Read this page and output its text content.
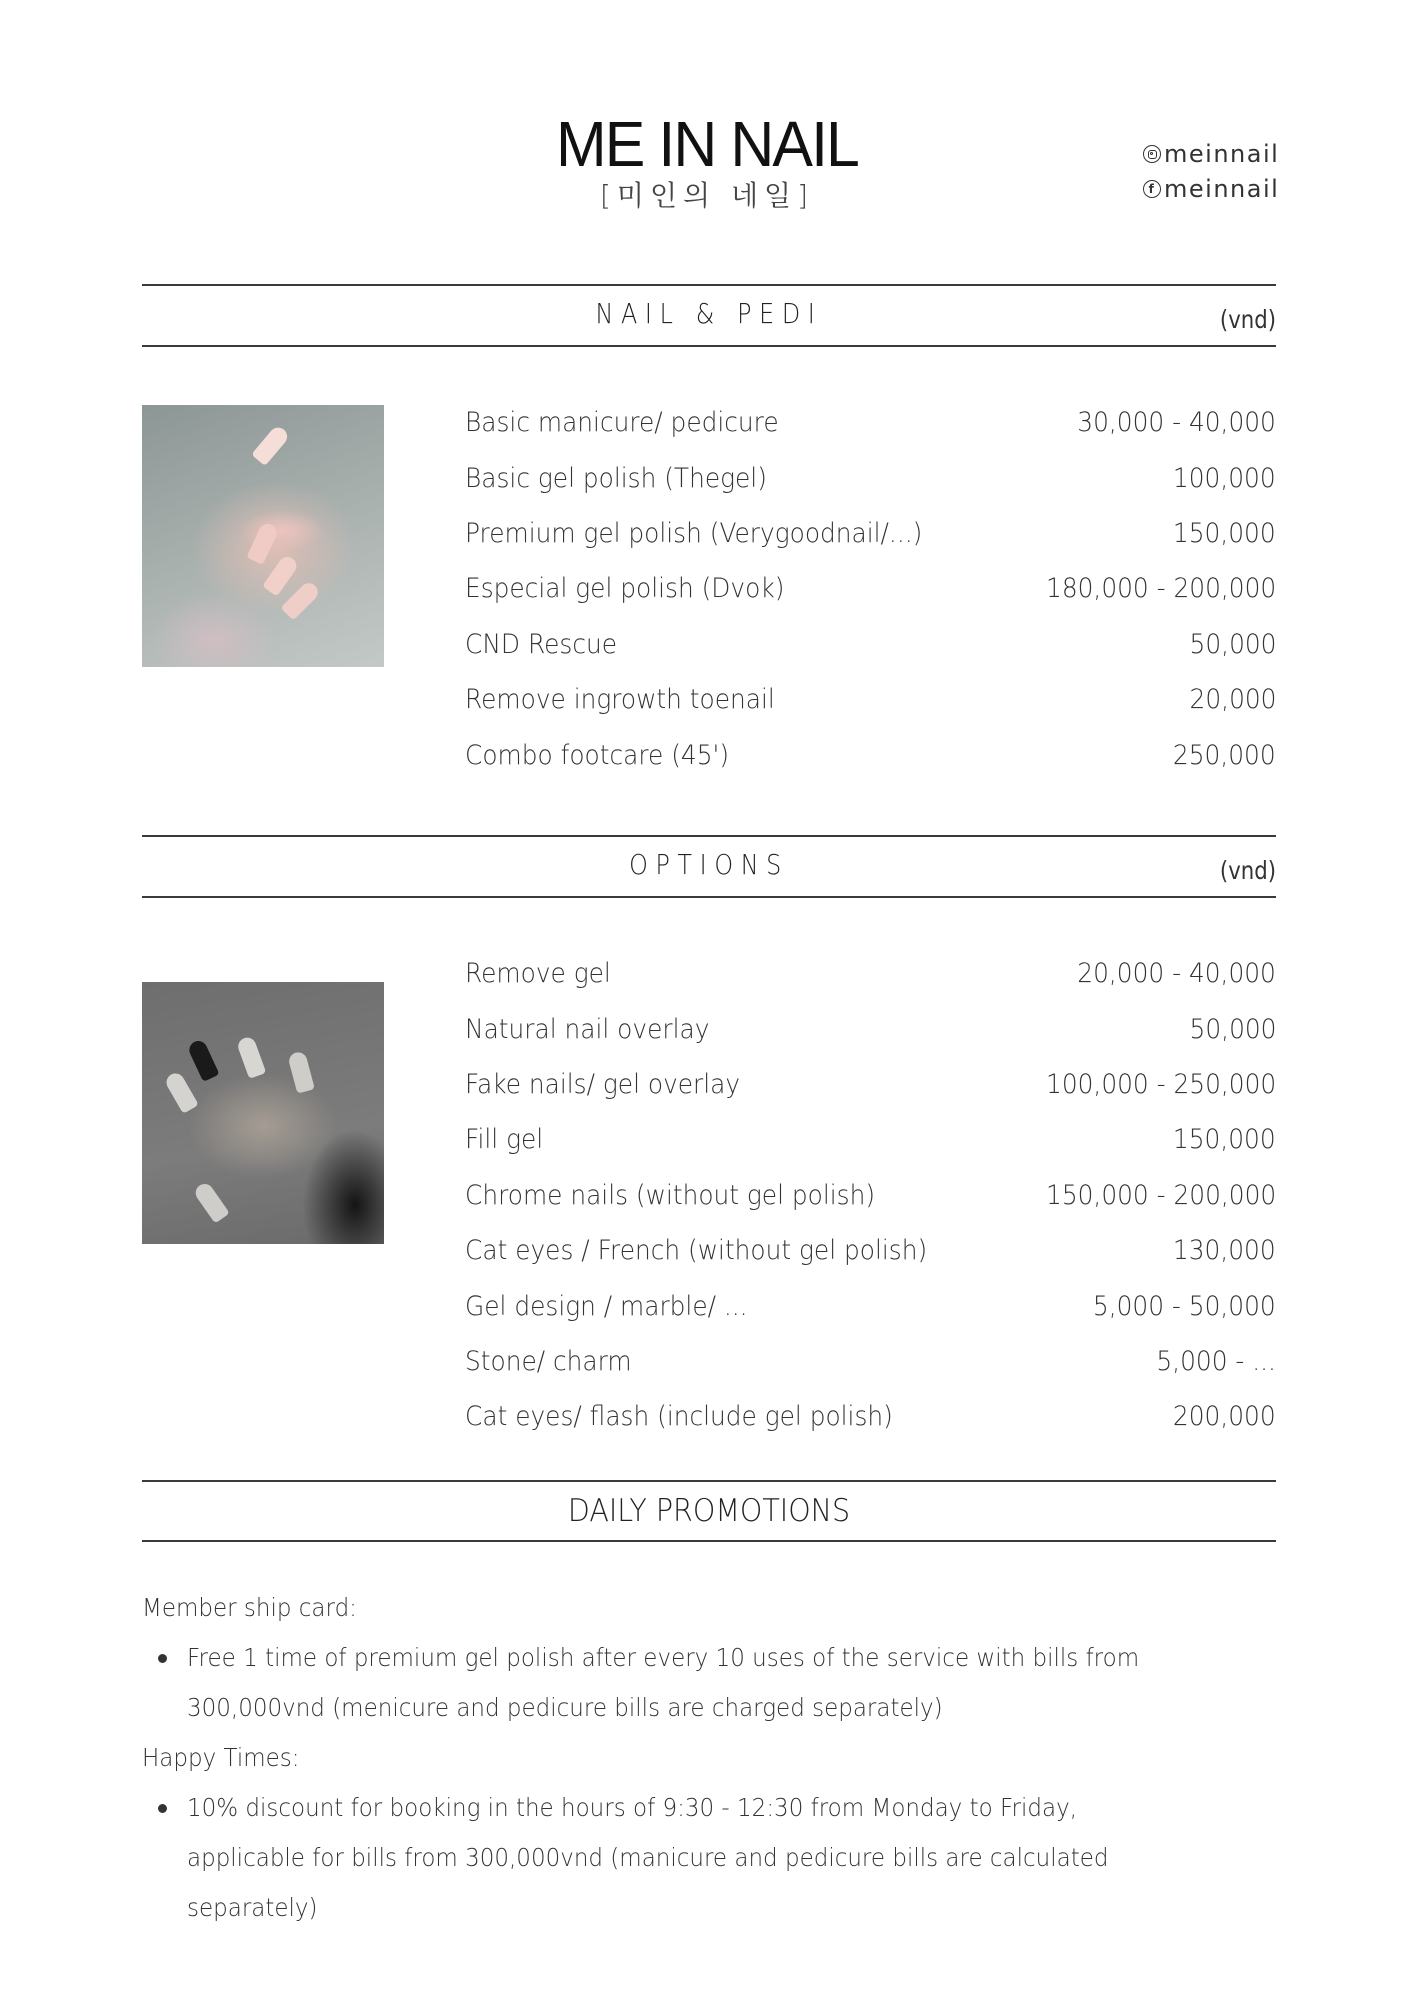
ME IN NAIL
[미인의 네일]
meinnail
f meinnail
NAIL & PEDI	(vnd)
Basic manicure/ pedicure	30,000 - 40,000
Basic gel polish (Thegel)	100,000
Premium gel polish (Verygoodnail/...)	150,000
Especial gel polish (Dvok)	180,000 - 200,000
CND Rescue	50,000
Remove ingrowth toenail	20,000
Combo footcare (45')	250,000
OPTIONS	(vnd)
Remove gel	20,000 - 40,000
Natural nail overlay	50,000
Fake nails/ gel overlay	100,000 - 250,000
Fill gel	150,000
Chrome nails (without gel polish)	150,000 - 200,000
Cat eyes / French (without gel polish)	130,000
Gel design / marble/ ...	5,000 - 50,000
Stone/ charm	5,000 - ...
Cat eyes/ flash (include gel polish)	200,000
DAILY PROMOTIONS
Member ship card:
Free 1 time of premium gel polish after every 10 uses of the service with bills from
300,000vnd (menicure and pedicure bills are charged separately)
Happy Times:
10% discount for booking in the hours of 9:30 - 12:30 from Monday to Friday,
applicable for bills from 300,000vnd (manicure and pedicure bills are calculated
separately)
